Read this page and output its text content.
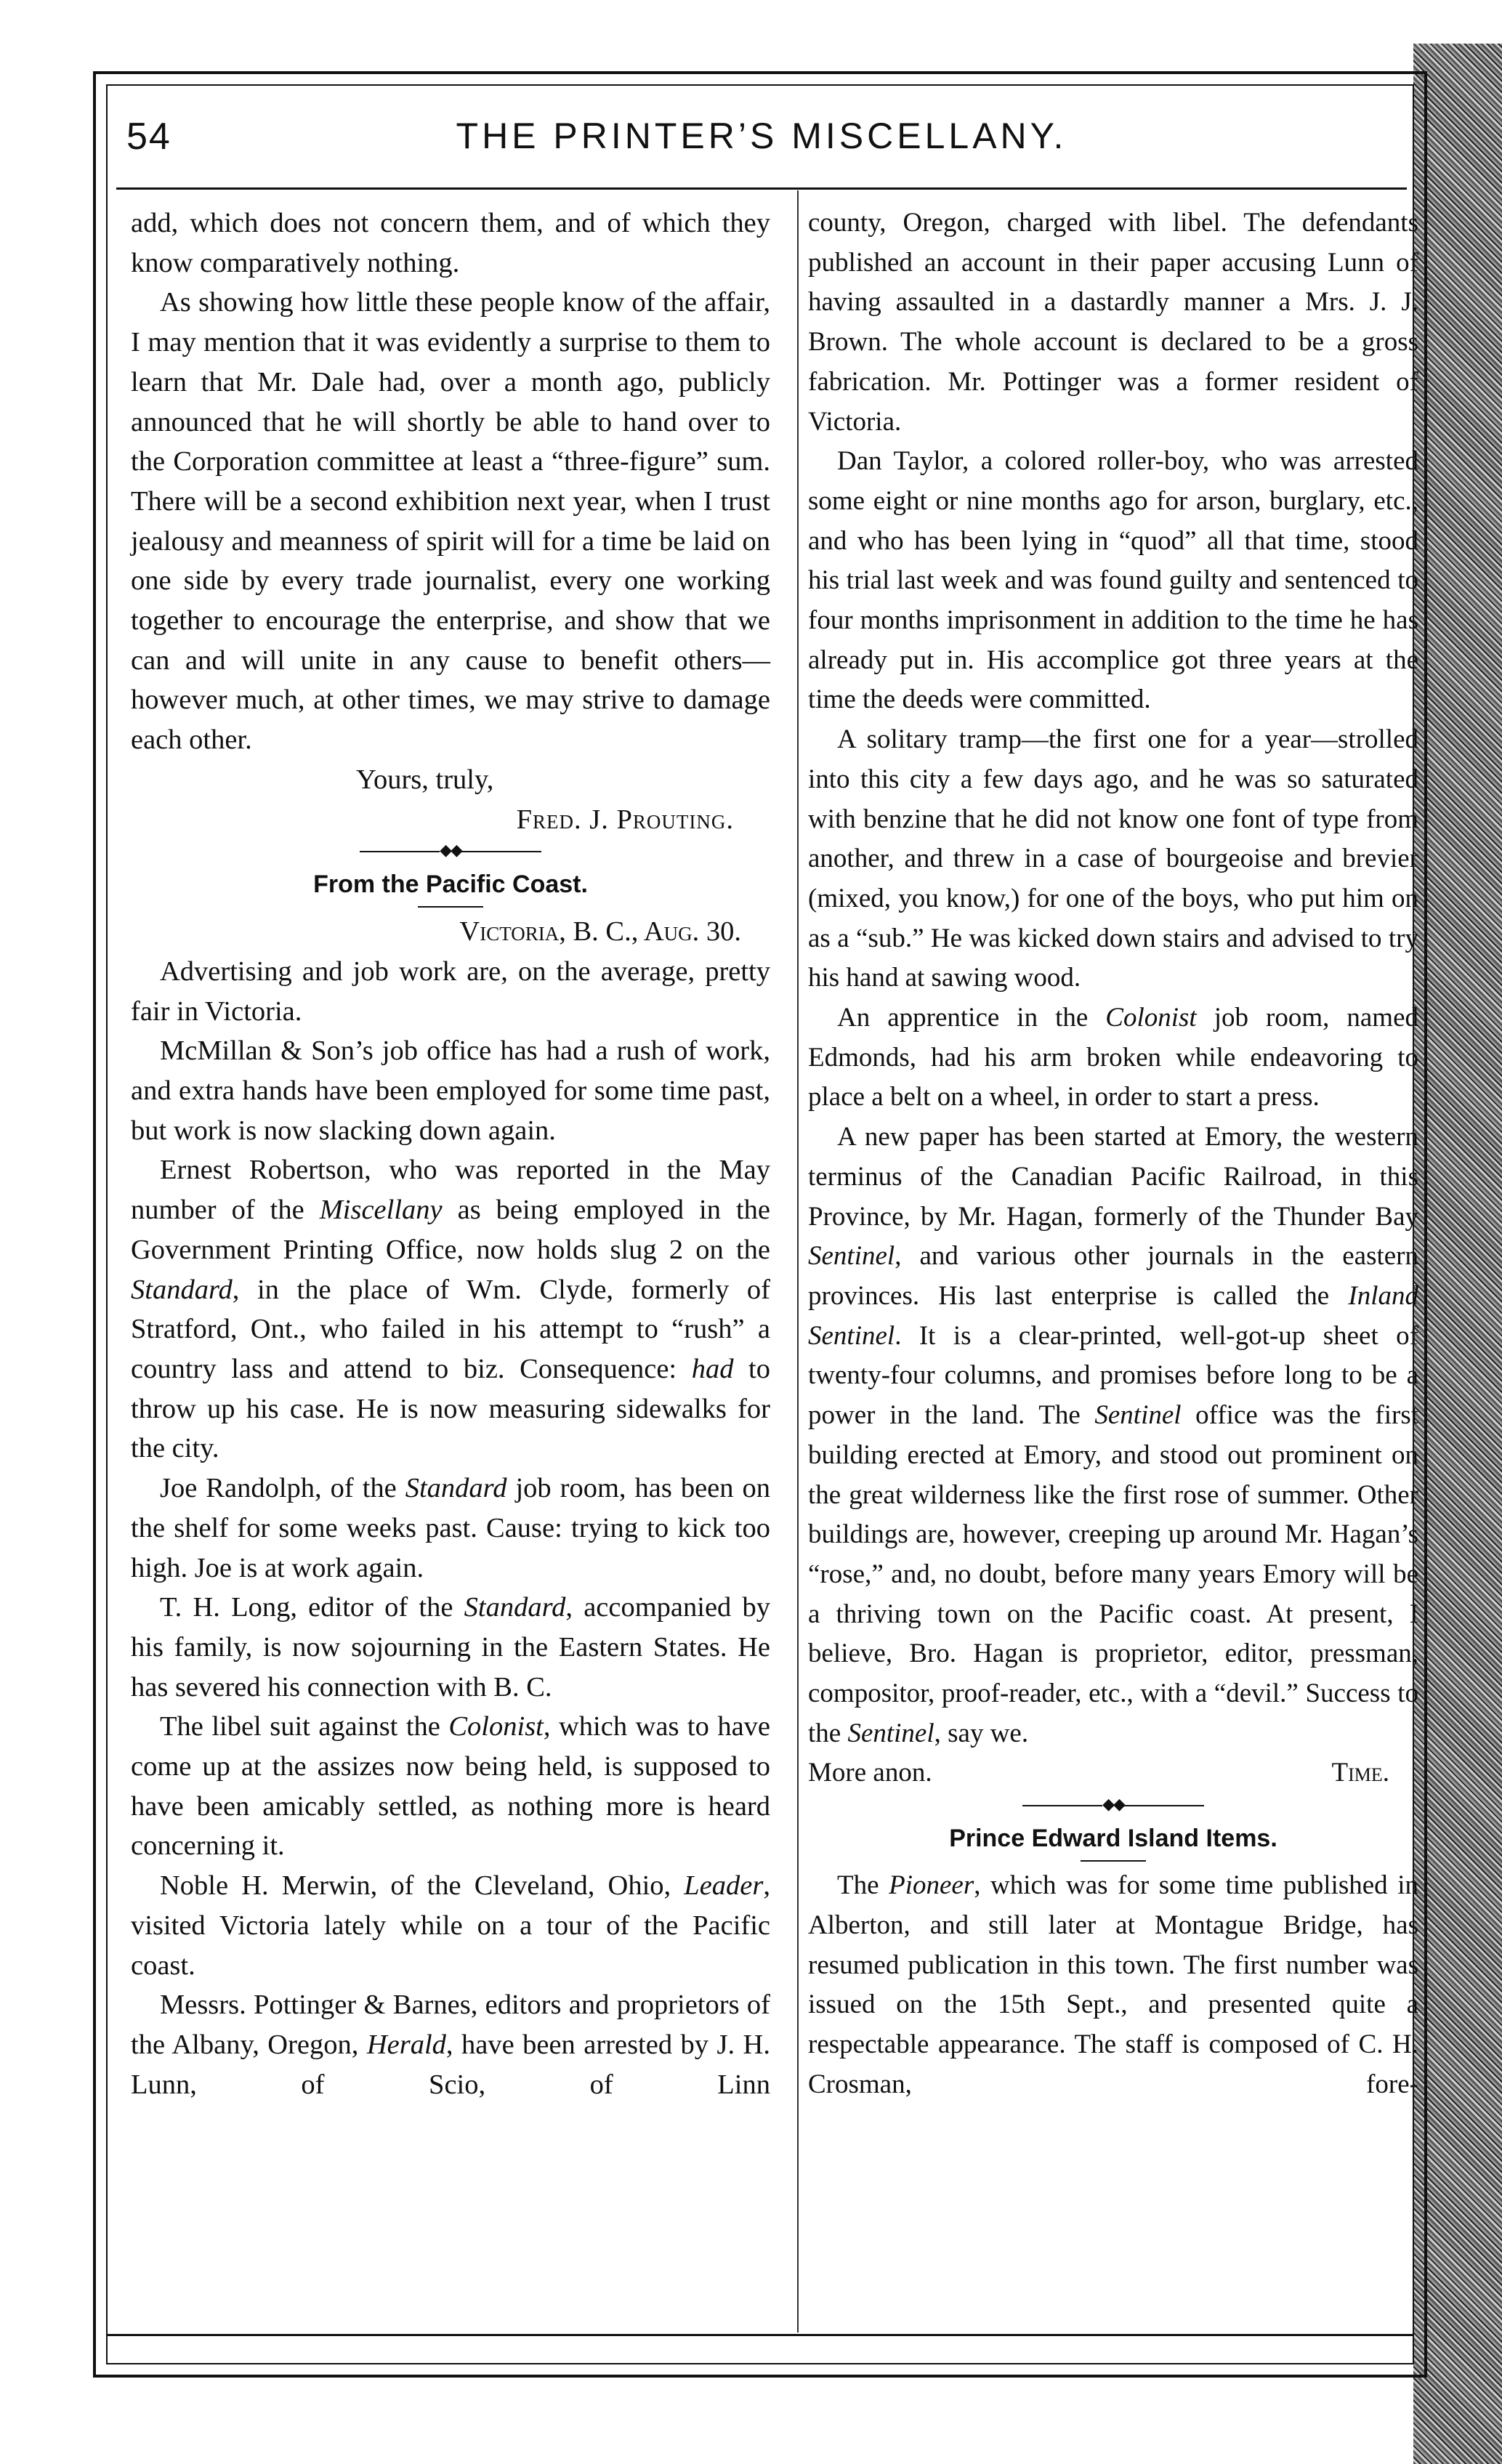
54	THE PRINTER’S MISCELLANY.

add, which does not concern them, and of which they know comparatively nothing.

As showing how little these people know of the affair, I may mention that it was evidently a surprise to them to learn that Mr. Dale had, over a month ago, publicly announced that he will shortly be able to hand over to the Corporation committee at least a “three-figure” sum. There will be a second exhibition next year, when I trust jealousy and meanness of spirit will for a time be laid on one side by every trade journalist, every one working together to encourage the enterprise, and show that we can and will unite in any cause to benefit others—however much, at other times, we may strive to damage each other.

Yours, truly,
Fred. J. Prouting.

◆◆
From the Pacific Coast.

Victoria, B. C., Aug. 30.

Advertising and job work are, on the average, pretty fair in Victoria.

McMillan & Son’s job office has had a rush of work, and extra hands have been employed for some time past, but work is now slacking down again.

Ernest Robertson, who was reported in the May number of the Miscellany as being employed in the Government Printing Office, now holds slug 2 on the Standard, in the place of Wm. Clyde, formerly of Stratford, Ont., who failed in his attempt to “rush” a country lass and attend to biz. Consequence: had to throw up his case. He is now measuring sidewalks for the city.

Joe Randolph, of the Standard job room, has been on the shelf for some weeks past. Cause: trying to kick too high. Joe is at work again.

T. H. Long, editor of the Standard, accompanied by his family, is now sojourning in the Eastern States. He has severed his connection with B. C.

The libel suit against the Colonist, which was to have come up at the assizes now being held, is supposed to have been amicably settled, as nothing more is heard concerning it.

Noble H. Merwin, of the Cleveland, Ohio, Leader, visited Victoria lately while on a tour of the Pacific coast.

Messrs. Pottinger & Barnes, editors and proprietors of the Albany, Oregon, Herald, have been arrested by J. H. Lunn, of Scio, of Linn

county, Oregon, charged with libel. The defendants published an account in their paper accusing Lunn of having assaulted in a dastardly manner a Mrs. J. J. Brown. The whole account is declared to be a gross fabrication. Mr. Pottinger was a former resident of Victoria.

Dan Taylor, a colored roller-boy, who was arrested some eight or nine months ago for arson, burglary, etc., and who has been lying in “quod” all that time, stood his trial last week and was found guilty and sentenced to four months imprisonment in addition to the time he has already put in. His accomplice got three years at the time the deeds were committed.

A solitary tramp—the first one for a year—strolled into this city a few days ago, and he was so saturated with benzine that he did not know one font of type from another, and threw in a case of bourgeoise and brevier (mixed, you know,) for one of the boys, who put him on as a “sub.” He was kicked down stairs and advised to try his hand at sawing wood.

An apprentice in the Colonist job room, named Edmonds, had his arm broken while endeavoring to place a belt on a wheel, in order to start a press.

A new paper has been started at Emory, the western terminus of the Canadian Pacific Railroad, in this Province, by Mr. Hagan, formerly of the Thunder Bay Sentinel, and various other journals in the eastern provinces. His last enterprise is called the Inland Sentinel. It is a clear-printed, well-got-up sheet of twenty-four columns, and promises before long to be a power in the land. The Sentinel office was the first building erected at Emory, and stood out prominent on the great wilderness like the first rose of summer. Other buildings are, however, creeping up around Mr. Hagan’s “rose,” and, no doubt, before many years Emory will be a thriving town on the Pacific coast. At present, I believe, Bro. Hagan is proprietor, editor, pressman, compositor, proof-reader, etc., with a “devil.” Success to the Sentinel, say we.

More anon.	Time.

◆◆
Prince Edward Island Items.

The Pioneer, which was for some time published in Alberton, and still later at Montague Bridge, has resumed publication in this town. The first number was issued on the 15th Sept., and presented quite a respectable appearance. The staff is composed of C. H. Crosman, fore-
